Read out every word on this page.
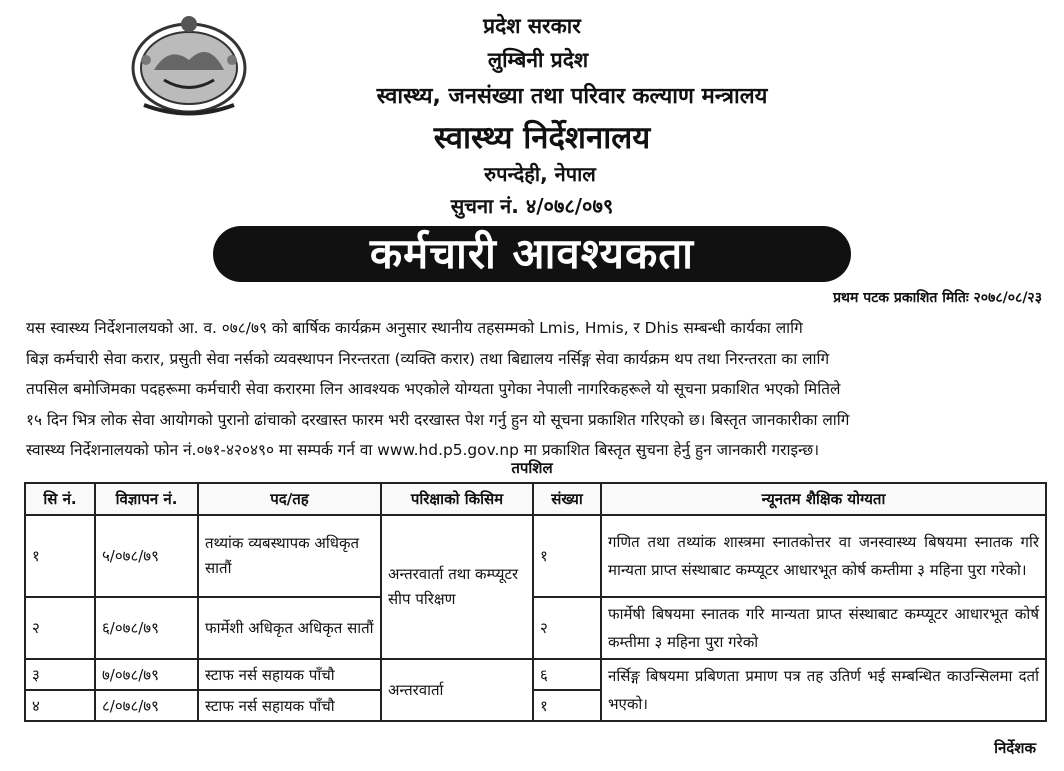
प्रदेश सरकार
लुम्बिनी प्रदेश
स्वास्थ्य, जनसंख्या तथा परिवार कल्याण मन्त्रालय
स्वास्थ्य निर्देशनालय
रुपन्देही, नेपाल
सुचना नं. ४/०७८/०७९
कर्मचारी आवश्यकता
प्रथम पटक प्रकाशित मितिः २०७८/०८/२३
यस स्वास्थ्य निर्देशनालयको आ. व. ०७८/७९ को बार्षिक कार्यक्रम अनुसार स्थानीय तहसम्मको Lmis, Hmis, र Dhis सम्बन्धी कार्यका लागि
बिज्ञ कर्मचारी सेवा करार, प्रसुती सेवा नर्सको व्यवस्थापन निरन्तरता (व्यक्ति करार) तथा बिद्यालय नर्सिङ्ग सेवा कार्यक्रम थप तथा निरन्तरता का लागि
तपसिल बमोजिमका पदहरूमा कर्मचारी सेवा करारमा लिन आवश्यक भएकोले योग्यता पुगेका नेपाली नागरिकहरूले यो सूचना प्रकाशित भएको मितिले
१५ दिन भित्र लोक सेवा आयोगको पुरानो ढांचाको दरखास्त फारम भरी दरखास्त पेश गर्नु हुन यो सूचना प्रकाशित गरिएको छ। बिस्तृत जानकारीका लागि
स्वास्थ्य निर्देशनालयको फोन नं.०७१-४२०४९० मा सम्पर्क गर्न वा www.hd.p5.gov.np मा प्रकाशित बिस्तृत सुचना हेर्नु हुन जानकारी गराइन्छ।
तपशिल
सि नं.	विज्ञापन नं.	पद/तह	परिक्षाको किसिम	संख्या	न्यूनतम शैक्षिक योग्यता
१	५/०७८/७९	तथ्यांक व्यबस्थापक अधिकृत सातौं	अन्तरवार्ता तथा कम्प्यूटर सीप परिक्षण	१	गणित तथा तथ्यांक शास्त्रमा स्नातकोत्तर वा जनस्वास्थ्य बिषयमा स्नातक गरि मान्यता प्राप्त संस्थाबाट कम्प्यूटर आधारभूत कोर्ष कम्तीमा ३ महिना पुरा गरेको।
२	६/०७८/७९	फार्मेशी अधिकृत अधिकृत सातौं		२	फार्मेषी बिषयमा स्नातक गरि मान्यता प्राप्त संस्थाबाट कम्प्यूटर आधारभूत कोर्ष कम्तीमा ३ महिना पुरा गरेको
३	७/०७८/७९	स्टाफ नर्स सहायक पाँचौ	अन्तरवार्ता	६	नर्सिङ्ग बिषयमा प्रबिणता प्रमाण पत्र तह उतिर्ण भई सम्बन्धित काउन्सिलमा दर्ता भएको।
४	८/०७८/७९	स्टाफ नर्स सहायक पाँचौ		१	
निर्देशक
